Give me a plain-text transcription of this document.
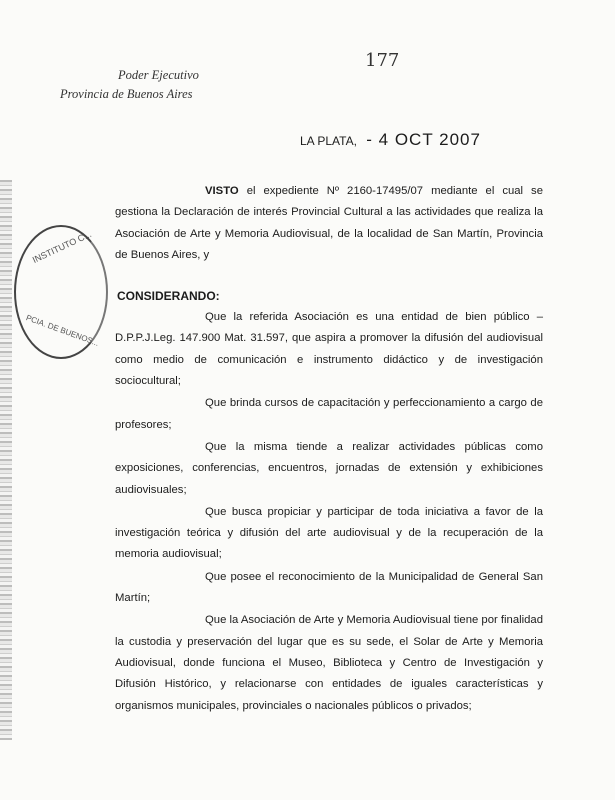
177
Poder Ejecutivo
Provincia de Buenos Aires
LA PLATA, - 4 OCT 2007
INSTITUTO C...
PCIA. DE BUENOS...

VISTO el expediente Nº 2160-17495/07 mediante el cual se gestiona la Declaración de interés Provincial Cultural a las actividades que realiza la Asociación de Arte y Memoria Audiovisual, de la localidad de San Martín, Provincia de Buenos Aires, y

CONSIDERANDO:

Que la referida Asociación es una entidad de bien público – D.P.P.J.Leg. 147.900 Mat. 31.597, que aspira a promover la difusión del audiovisual como medio de comunicación e instrumento didáctico y de investigación sociocultural;

Que brinda cursos de capacitación y perfeccionamiento a cargo de profesores;

Que la misma tiende a realizar actividades públicas como exposiciones, conferencias, encuentros, jornadas de extensión y exhibiciones audiovisuales;

Que busca propiciar y participar de toda iniciativa a favor de la investigación teórica y difusión del arte audiovisual y de la recuperación de la memoria audiovisual;

Que posee el reconocimiento de la Municipalidad de General San Martín;

Que la Asociación de Arte y Memoria Audiovisual tiene por finalidad la custodia y preservación del lugar que es su sede, el Solar de Arte y Memoria Audiovisual, donde funciona el Museo, Biblioteca y Centro de Investigación y Difusión Histórico, y relacionarse con entidades de iguales características y organismos municipales, provinciales o nacionales públicos o privados;
